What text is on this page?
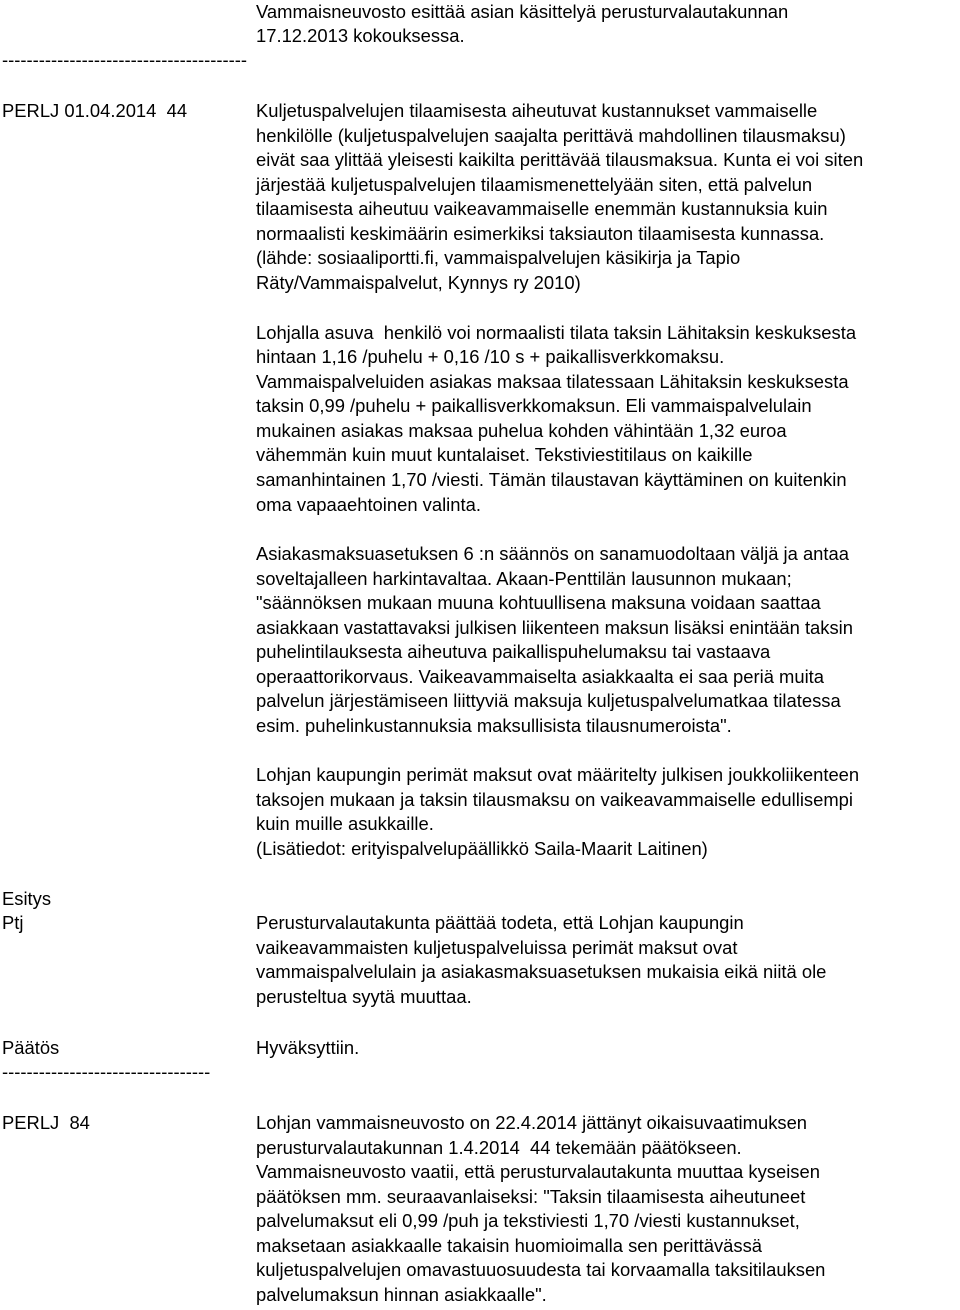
Vammaisneuvosto esittää asian käsittelyä perusturvalautakunnan

17.12.2013 kokouksessa.

----------------------------------------

PERLJ 01.04.2014  44	Kuljetuspalvelujen tilaamisesta aiheutuvat kustannukset vammaiselle

henkilölle (kuljetuspalvelujen saajalta perittävä mahdollinen tilausmaksu)

eivät saa ylittää yleisesti kaikilta perittävää tilausmaksua. Kunta ei voi siten

järjestää kuljetuspalvelujen tilaamismenettelyään siten, että palvelun

tilaamisesta aiheutuu vaikeavammaiselle enemmän kustannuksia kuin

normaalisti keskimäärin esimerkiksi taksiauton tilaamisesta kunnassa.

(lähde: sosiaaliportti.fi, vammaispalvelujen käsikirja ja Tapio

Räty/Vammaispalvelut, Kynnys ry 2010)

Lohjalla asuva  henkilö voi normaalisti tilata taksin Lähitaksin keskuksesta

hintaan 1,16 /puhelu + 0,16 /10 s + paikallisverkkomaksu.

Vammaispalveluiden asiakas maksaa tilatessaan Lähitaksin keskuksesta

taksin 0,99 /puhelu + paikallisverkkomaksun. Eli vammaispalvelulain

mukainen asiakas maksaa puhelua kohden vähintään 1,32 euroa

vähemmän kuin muut kuntalaiset. Tekstiviestitilaus on kaikille

samanhintainen 1,70 /viesti. Tämän tilaustavan käyttäminen on kuitenkin

oma vapaaehtoinen valinta.

Asiakasmaksuasetuksen 6 :n säännös on sanamuodoltaan väljä ja antaa

soveltajalleen harkintavaltaa. Akaan-Penttilän lausunnon mukaan;

"säännöksen mukaan muuna kohtuullisena maksuna voidaan saattaa

asiakkaan vastattavaksi julkisen liikenteen maksun lisäksi enintään taksin

puhelintilauksesta aiheutuva paikallispuhelumaksu tai vastaava

operaattorikorvaus. Vaikeavammaiselta asiakkaalta ei saa periä muita

palvelun järjestämiseen liittyviä maksuja kuljetuspalvelumatkaa tilatessa

esim. puhelinkustannuksia maksullisista tilausnumeroista".

Lohjan kaupungin perimät maksut ovat määritelty julkisen joukkoliikenteen

taksojen mukaan ja taksin tilausmaksu on vaikeavammaiselle edullisempi

kuin muille asukkaille.

(Lisätiedot: erityispalvelupäällikkö Saila-Maarit Laitinen)

Esitys

Ptj	Perusturvalautakunta päättää todeta, että Lohjan kaupungin

vaikeavammaisten kuljetuspalveluissa perimät maksut ovat

vammaispalvelulain ja asiakasmaksuasetuksen mukaisia eikä niitä ole

perusteltua syytä muuttaa.

Päätös	Hyväksyttiin.

----------------------------------

PERLJ  84	Lohjan vammaisneuvosto on 22.4.2014 jättänyt oikaisuvaatimuksen

perusturvalautakunnan 1.4.2014  44 tekemään päätökseen.

Vammaisneuvosto vaatii, että perusturvalautakunta muuttaa kyseisen

päätöksen mm. seuraavanlaiseksi: "Taksin tilaamisesta aiheutuneet

palvelumaksut eli 0,99 /puh ja tekstiviesti 1,70 /viesti kustannukset,

maksetaan asiakkaalle takaisin huomioimalla sen perittävässä

kuljetuspalvelujen omavastuuosuudesta tai korvaamalla taksitilauksen

palvelumaksun hinnan asiakkaalle".
